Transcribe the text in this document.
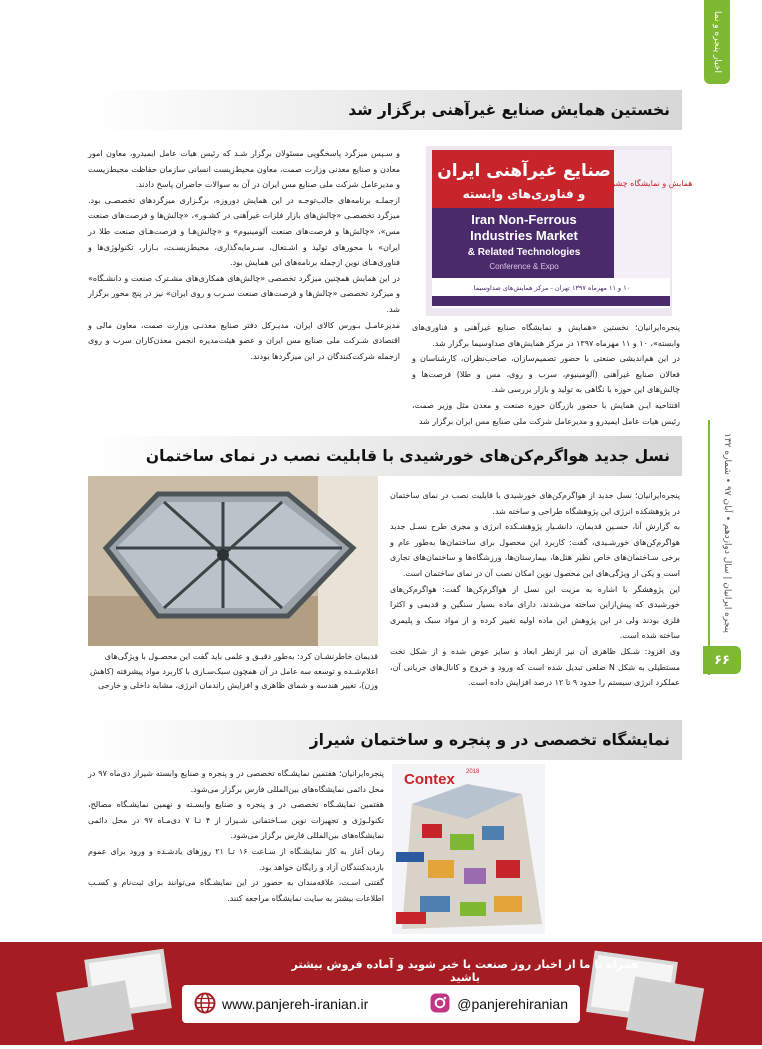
اخبار پنجره و نما
پنجره ایرانیان | سال دوازدهم • آبان ۹۷ • شماره ۱۳۲
۶۶
نخستین همایش صنایع غیرآهنی برگزار شد
صنایع غیرآهنی ایران
و فناوری‌های وابسته
همایش و نمایشگاه چشم‌انداز
Iran Non-Ferrous
Industries Market
& Related Technologies
Conference & Expo
۱۰ و ۱۱ مهرماه ۱۳۹۷ تهران - مرکز همایش‌های صداوسیما

پنجره‌ایرانیان؛ نخستین «همایش و نمایشگاه صنایع غیرآهنی و فناوری‌های وابسته»، ۱۰ و ۱۱ مهرماه ۱۳۹۷ در مرکز همایش‌های صداوسیما برگزار شد.

در این هم‌اندیشی صنعتی با حضور تصمیم‌سازان، صاحب‌نظران، کارشناسان و فعالان صنایع غیرآهنی (آلومینیوم، سرب و روی، مس و طلا) فرصت‌ها و چالش‌های این حوزه با نگاهی به تولید و بازار بررسی شد.

افتتاحیه ایـن همایش با حضور بازرگان حوزه صنعت و معدن مثل وزیر صمت، رئیس هیات عامل ایمیدرو و مدیرعامل شرکت ملی صنایع مس ایران برگزار شد

و سـپس میزگرد پاسخگویی مسئولان برگزار شـد که رئیس هیات عامل ایمیدرو، معاون امور معادن و صنایع معدنی وزارت صمت، معاون محیط‌زیست انسانی سازمان حفاظت محیط‌زیست و مدیرعامل شرکت ملی صنایع مس ایران در آن به سوالات حاضران پاسخ دادند.

ازجملـه برنامه‌های جالب‌توجـه در این همایش دوروزه، برگـزاری میزگردهای تخصصـی بود. میزگرد تخصصـی «چالش‌های بازار فلزات غیرآهنی در کشـور»، «چالش‌ها و فرصت‌های صنعت مس»، «چالش‌ها و فرصت‌های صنعت آلومینیوم» و «چالش‌هـا و فرصت‌هـای صنعت طلا در ایران» با محورهای تولید و اشـتغال، سـرمایه‌گذاری، محیط‌زیسـت، بـازار، تکنولوژی‌ها و فناوری‌هـای نوین ازجمله برنامه‌های این همایش بود.

در این همایش همچنین میزگرد تخصصی «چالش‌های همکاری‌های مشـترک صنعت و دانشـگاه» و میزگرد تخصصی «چالش‌ها و فرصت‌های صنعت سـرب و روی ایران» نیز در پنج محور برگزار شد.

مدیرعامـل بـورس کالای ایران، مدیـرکل دفتر صنایع معدنـی وزارت صمت، معاون مالی و اقتصادی شـرکت ملی صنایع مس ایران و عضو هیئت‌مدیره انجمن معدن‌کاران سرب و روی ازجمله شرکت‌کنندگان در این میزگردها بودند.

نسل جدید هواگرم‌کن‌های خورشیدی با قابلیت نصب در نمای ساختمان
قدیمان خاطرنشـان کرد: به‌طور دقیـق و علمی باید گفت این محصـول با ویژگی‌های اعلام‌شـده و توسعه سه عامل در آن همچون سبک‌سـازی با کاربرد مواد پیشرفته (کاهش وزن)، تغییر هندسه و شمای ظاهری و افزایش راندمان انرژی، مشابه داخلی و خارجی

پنجره‌ایرانیان؛ نسل جدید از هواگرم‌کن‌های خورشیدی با قابلیت نصب در نمای ساختمان در پژوهشکده انرژی این پژوهشگاه طراحی و ساخته شد.

به گزارش آنا، حسـین قدیمان، دانشـیار پژوهشـکده انرژی و مجری طرح نسـل جدید هواگرم‌کن‌های خورشـیدی، گفت: کاربرد این محصول برای ساختمان‌ها به‌طور عام و برخی سـاختمان‌های خاص نظیر هتل‌ها، بیمارستان‌ها، ورزشگاه‌ها و ساختمان‌های تجاری است و یکی از ویژگی‌های این محصول نوین امکان نصب آن در نمای ساختمان است.

این پژوهشگر با اشاره به مزیت این نسل از هواگرم‌کن‌ها گفت: هواگرم‌کن‌های خورشیدی که پیش‌ازاین ساخته می‌شدند، دارای ماده بسیار سنگین و قدیمی و اکثرا فلزی بودند ولی در این پژوهش این ماده اولیه تغییر کرده و از مواد سبک و پلیمری ساخته شده است.

وی افزود: شـکل ظاهری آن نیز ازنظر ابعاد و سایز عوض شده و از شکل تخت مستطیلی به شکل N ضلعی تبدیل شده است که ورود و خروج و کانال‌های جریانی آن، عملکرد انرژی سیستم را حدود ۹ تا ۱۲ درصد افزایش داده است.

نمایشگاه تخصصی در و پنجره و ساختمان شیراز
Contex 2018

پنجره‌ایرانیان؛ هفتمین نمایشـگاه تخصصی در و پنجره و صنایع وابسته شیراز دی‌ماه ۹۷ در محل دائمی نمایشگاه‌های بین‌المللی فارس برگزار می‌شود.

هفتمین نمایشـگاه تخصصی در و پنجره و صنایع وابسـته و نهمین نمایشـگاه مصالح، تکنولـوژی و تجهیزات نوین سـاختمانی شـیراز از ۴ تـا ۷ دی‌مـاه ۹۷ در محل دائمی نمایشگاه‌های بین‌المللی فارس برگزار می‌شود.

زمان آغاز به کار نمایشـگاه از سـاعت ۱۶ تـا ۲۱ روزهای یادشـده و ورود برای عموم بازدیدکنندگان آزاد و رایگان خواهد بود.

گفتنی اسـت، علاقه‌مندان به حضور در این نمایشـگاه می‌توانند برای ثبت‌نام و کسـب اطلاعات بیشتر به سایت نمایشگاه مراجعه کنند.

همراه یا ما از اخبار روز صنعت با خبر شوید و آماده فروش بیشتر باشید
www.panjereh-iranian.ir	@panjerehiranian
